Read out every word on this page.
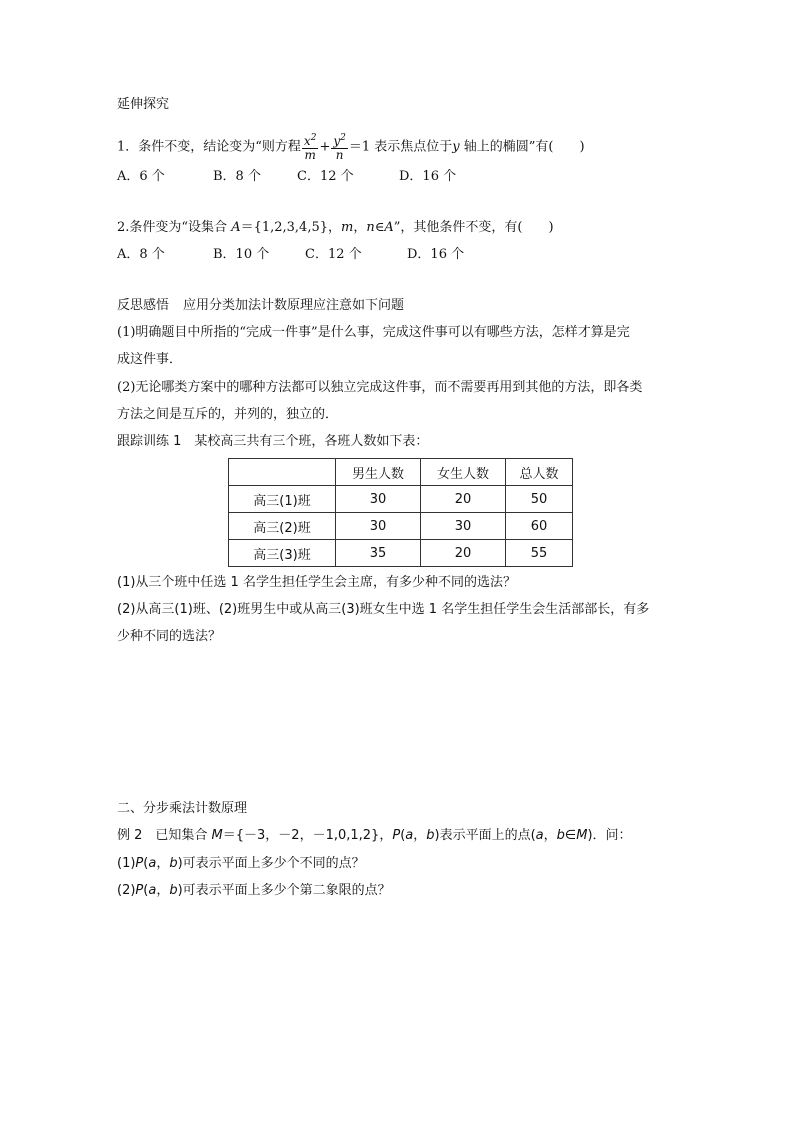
延伸探究
1．条件不变，结论变为“则方程 $\frac{x^2}{m} + \frac{y^2}{n} =1$ 表示焦点位于y 轴上的椭圆”有(　　)
A．6 个	B．8 个	C．12 个	D．16 个
2.条件变为“设集合 A＝{1,2,3,4,5}，m，n∈A”，其他条件不变，有(　　)
A．8 个	B．10 个	C．12 个	D．16 个
反思感悟 应用分类加法计数原理应注意如下问题
(1)明确题目中所指的“完成一件事”是什么事，完成这件事可以有哪些方法，怎样才算是完
成这件事．
(2)无论哪类方案中的哪种方法都可以独立完成这件事，而不需要再用到其他的方法，即各类
方法之间是互斥的，并列的，独立的．
跟踪训练 1　某校高三共有三个班，各班人数如下表：
	男生人数	女生人数	总人数
高三(1)班	30	20	50
高三(2)班	30	30	60
高三(3)班	35	20	55
(1)从三个班中任选 1 名学生担任学生会主席，有多少种不同的选法？
(2)从高三(1)班、(2)班男生中或从高三(3)班女生中选 1 名学生担任学生会生活部部长，有多
少种不同的选法？
二、分步乘法计数原理
例 2　已知集合 M＝{－3，－2，－1,0,1,2}，P(a，b)表示平面上的点(a，b∈M)．问：
(1)P(a，b)可表示平面上多少个不同的点？
(2)P(a，b)可表示平面上多少个第二象限的点？
